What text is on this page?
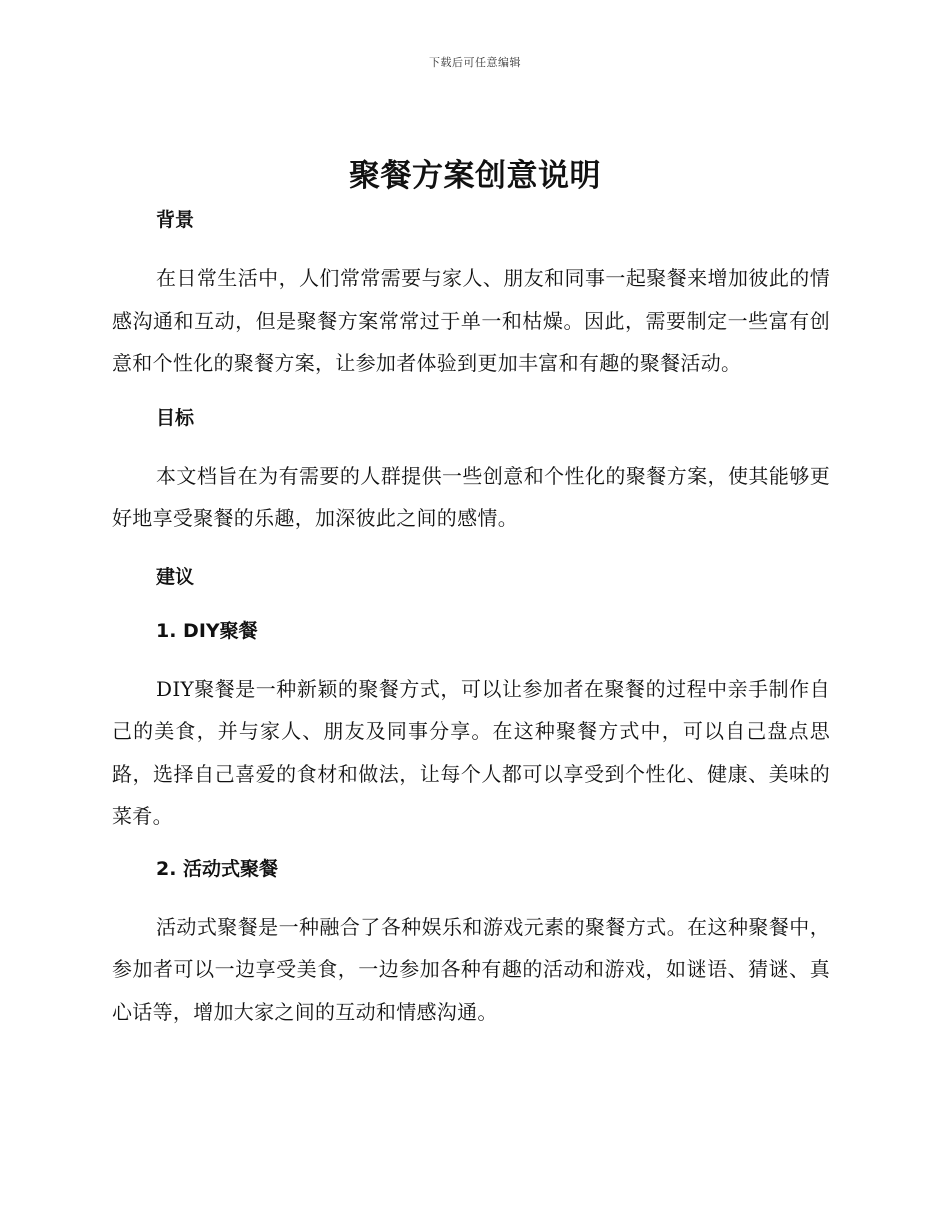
下载后可任意编辑
聚餐方案创意说明
背景

在日常生活中，人们常常需要与家人、朋友和同事一起聚餐来增加彼此的情感沟通和互动，但是聚餐方案常常过于单一和枯燥。因此，需要制定一些富有创意和个性化的聚餐方案，让参加者体验到更加丰富和有趣的聚餐活动。

目标

本文档旨在为有需要的人群提供一些创意和个性化的聚餐方案，使其能够更好地享受聚餐的乐趣，加深彼此之间的感情。

建议
1. DIY聚餐

DIY聚餐是一种新颖的聚餐方式，可以让参加者在聚餐的过程中亲手制作自己的美食，并与家人、朋友及同事分享。在这种聚餐方式中，可以自己盘点思路，选择自己喜爱的食材和做法，让每个人都可以享受到个性化、健康、美味的菜肴。

2. 活动式聚餐

活动式聚餐是一种融合了各种娱乐和游戏元素的聚餐方式。在这种聚餐中，参加者可以一边享受美食，一边参加各种有趣的活动和游戏，如谜语、猜谜、真心话等，增加大家之间的互动和情感沟通。
